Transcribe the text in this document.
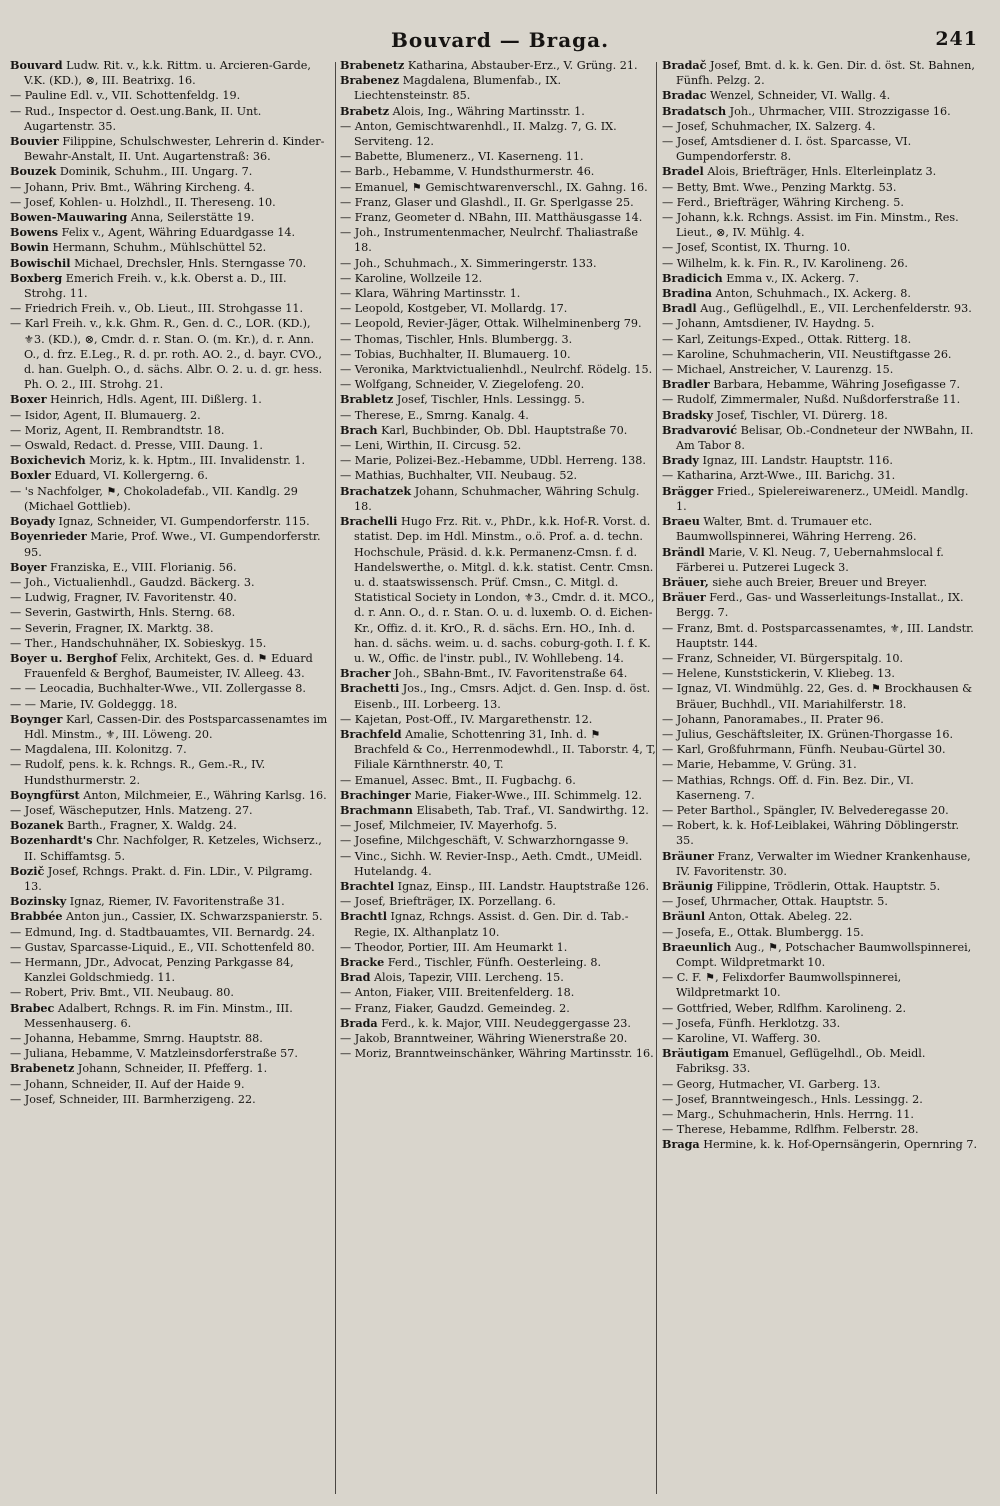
Bouvard — Braga.	241

Bouvard Ludw. Rit. v., k.k. Rittm. u. Arcieren-Garde, V.K. (KD.), ⊗, III. Beatrixg. 16.

— Pauline Edl. v., VII. Schottenfeldg. 19.

— Rud., Inspector d. Oest.ung.Bank, II. Unt. Augartenstr. 35.

Bouvier Filippine, Schulschwester, Lehrerin d. Kinder-Bewahr-Anstalt, II. Unt. Augartenstraß: 36.

Bouzek Dominik, Schuhm., III. Ungarg. 7.

— Johann, Priv. Bmt., Währing Kircheng. 4.

— Josef, Kohlen- u. Holzhdl., II. Thereseng. 10.

Bowen-Mauwaring Anna, Seilerstätte 19.

Bowens Felix v., Agent, Währing Eduardgasse 14.

Bowin Hermann, Schuhm., Mühlschüttel 52.

Bowischil Michael, Drechsler, Hnls. Sterngasse 70.

Boxberg Emerich Freih. v., k.k. Oberst a. D., III. Strohg. 11.

— Friedrich Freih. v., Ob. Lieut., III. Strohgasse 11.

— Karl Freih. v., k.k. Ghm. R., Gen. d. C., LOR. (KD.), ⚜3. (KD.), ⊗, Cmdr. d. r. Stan. O. (m. Kr.), d. r. Ann. O., d. frz. E.Leg., R. d. pr. roth. AO. 2., d. bayr. CVO., d. han. Guelph. O., d. sächs. Albr. O. 2. u. d. gr. hess. Ph. O. 2., III. Strohg. 21.

Boxer Heinrich, Hdls. Agent, III. Dißlerg. 1.

— Isidor, Agent, II. Blumauerg. 2.

— Moriz, Agent, II. Rembrandtstr. 18.

— Oswald, Redact. d. Presse, VIII. Daung. 1.

Boxichevich Moriz, k. k. Hptm., III. Invalidenstr. 1.

Boxler Eduard, VI. Kollergerng. 6.

— 's Nachfolger, ⚑, Chokoladefab., VII. Kandlg. 29 (Michael Gottlieb).

Boyady Ignaz, Schneider, VI. Gumpendorferstr. 115.

Boyenrieder Marie, Prof. Wwe., VI. Gumpendorferstr. 95.

Boyer Franziska, E., VIII. Florianig. 56.

— Joh., Victualienhdl., Gaudzd. Bäckerg. 3.

— Ludwig, Fragner, IV. Favoritenstr. 40.

— Severin, Gastwirth, Hnls. Sterng. 68.

— Severin, Fragner, IX. Marktg. 38.

— Ther., Handschuhnäher, IX. Sobieskyg. 15.

Boyer u. Berghof Felix, Architekt, Ges. d. ⚑ Eduard Frauenfeld & Berghof, Baumeister, IV. Alleeg. 43.

— — Leocadia, Buchhalter-Wwe., VII. Zollergasse 8.

— — Marie, IV. Goldeggg. 18.

Boynger Karl, Cassen-Dir. des Postsparcassenamtes im Hdl. Minstm., ⚜, III. Löweng. 20.

— Magdalena, III. Kolonitzg. 7.

— Rudolf, pens. k. k. Rchngs. R., Gem.-R., IV. Hundsthurmerstr. 2.

Boyngfürst Anton, Milchmeier, E., Währing Karlsg. 16.

— Josef, Wäscheputzer, Hnls. Matzeng. 27.

Bozanek Barth., Fragner, X. Waldg. 24.

Bozenhardt's Chr. Nachfolger, R. Ketzeles, Wichserz., II. Schiffamtsg. 5.

Bozič Josef, Rchngs. Prakt. d. Fin. LDir., V. Pilgramg. 13.

Bozinsky Ignaz, Riemer, IV. Favoritenstraße 31.

Brabbée Anton jun., Cassier, IX. Schwarzspanierstr. 5.

— Edmund, Ing. d. Stadtbauamtes, VII. Bernardg. 24.

— Gustav, Sparcasse-Liquid., E., VII. Schottenfeld 80.

— Hermann, JDr., Advocat, Penzing Parkgasse 84, Kanzlei Goldschmiedg. 11.

— Robert, Priv. Bmt., VII. Neubaug. 80.

Brabec Adalbert, Rchngs. R. im Fin. Minstm., III. Messenhauserg. 6.

— Johanna, Hebamme, Smrng. Hauptstr. 88.

— Juliana, Hebamme, V. Matzleinsdorferstraße 57.

Brabenetz Johann, Schneider, II. Pfefferg. 1.

— Johann, Schneider, II. Auf der Haide 9.

— Josef, Schneider, III. Barmherzigeng. 22.

Brabenetz Katharina, Abstauber-Erz., V. Grüng. 21.

Brabenez Magdalena, Blumenfab., IX. Liechtensteinstr. 85.

Brabetz Alois, Ing., Währing Martinsstr. 1.

— Anton, Gemischtwarenhdl., II. Malzg. 7, G. IX. Serviteng. 12.

— Babette, Blumenerz., VI. Kaserneng. 11.

— Barb., Hebamme, V. Hundsthurmerstr. 46.

— Emanuel, ⚑ Gemischtwarenverschl., IX. Gahng. 16.

— Franz, Glaser und Glashdl., II. Gr. Sperlgasse 25.

— Franz, Geometer d. NBahn, III. Matthäusgasse 14.

— Joh., Instrumentenmacher, Neulrchf. Thaliastraße 18.

— Joh., Schuhmach., X. Simmeringerstr. 133.

— Karoline, Wollzeile 12.

— Klara, Währing Martinsstr. 1.

— Leopold, Kostgeber, VI. Mollardg. 17.

— Leopold, Revier-Jäger, Ottak. Wilhelminenberg 79.

— Thomas, Tischler, Hnls. Blumbergg. 3.

— Tobias, Buchhalter, II. Blumauerg. 10.

— Veronika, Marktvictualienhdl., Neulrchf. Rödelg. 15.

— Wolfgang, Schneider, V. Ziegelofeng. 20.

Brabletz Josef, Tischler, Hnls. Lessingg. 5.

— Therese, E., Smrng. Kanalg. 4.

Brach Karl, Buchbinder, Ob. Dbl. Hauptstraße 70.

— Leni, Wirthin, II. Circusg. 52.

— Marie, Polizei-Bez.-Hebamme, UDbl. Herreng. 138.

— Mathias, Buchhalter, VII. Neubaug. 52.

Brachatzek Johann, Schuhmacher, Währing Schulg. 18.

Brachelli Hugo Frz. Rit. v., PhDr., k.k. Hof-R. Vorst. d. statist. Dep. im Hdl. Minstm., o.ö. Prof. a. d. techn. Hochschule, Präsid. d. k.k. Permanenz-Cmsn. f. d. Handelswerthe, o. Mitgl. d. k.k. statist. Centr. Cmsn. u. d. staatswissensch. Prüf. Cmsn., C. Mitgl. d. Statistical Society in London, ⚜3., Cmdr. d. it. MCO., d. r. Ann. O., d. r. Stan. O. u. d. luxemb. O. d. Eichen-Kr., Offiz. d. it. KrO., R. d. sächs. Ern. HO., Inh. d. han. d. sächs. weim. u. d. sachs. coburg-goth. I. f. K. u. W., Offic. de l'instr. publ., IV. Wohllebeng. 14.

Bracher Joh., SBahn-Bmt., IV. Favoritenstraße 64.

Brachetti Jos., Ing., Cmsrs. Adjct. d. Gen. Insp. d. öst. Eisenb., III. Lorbeerg. 13.

— Kajetan, Post-Off., IV. Margarethenstr. 12.

Brachfeld Amalie, Schottenring 31, Inh. d. ⚑ Brachfeld & Co., Herrenmodewhdl., II. Taborstr. 4, T, Filiale Kärnthnerstr. 40, T.

— Emanuel, Assec. Bmt., II. Fugbachg. 6.

Brachinger Marie, Fiaker-Wwe., III. Schimmelg. 12.

Brachmann Elisabeth, Tab. Traf., VI. Sandwirthg. 12.

— Josef, Milchmeier, IV. Mayerhofg. 5.

— Josefine, Milchgeschäft, V. Schwarzhorngasse 9.

— Vinc., Sichh. W. Revier-Insp., Aeth. Cmdt., UMeidl. Hutelandg. 4.

Brachtel Ignaz, Einsp., III. Landstr. Hauptstraße 126.

— Josef, Briefträger, IX. Porzellang. 6.

Brachtl Ignaz, Rchngs. Assist. d. Gen. Dir. d. Tab.-Regie, IX. Althanplatz 10.

— Theodor, Portier, III. Am Heumarkt 1.

Bracke Ferd., Tischler, Fünfh. Oesterleing. 8.

Brad Alois, Tapezir, VIII. Lercheng. 15.

— Anton, Fiaker, VIII. Breitenfelderg. 18.

— Franz, Fiaker, Gaudzd. Gemeindeg. 2.

Brada Ferd., k. k. Major, VIII. Neudeggergasse 23.

— Jakob, Branntweiner, Währing Wienerstraße 20.

— Moriz, Branntweinschänker, Währing Martinsstr. 16.

Bradač Josef, Bmt. d. k. k. Gen. Dir. d. öst. St. Bahnen, Fünfh. Pelzg. 2.

Bradac Wenzel, Schneider, VI. Wallg. 4.

Bradatsch Joh., Uhrmacher, VIII. Strozzigasse 16.

— Josef, Schuhmacher, IX. Salzerg. 4.

— Josef, Amtsdiener d. I. öst. Sparcasse, VI. Gumpendorferstr. 8.

Bradel Alois, Briefträger, Hnls. Elterleinplatz 3.

— Betty, Bmt. Wwe., Penzing Marktg. 53.

— Ferd., Briefträger, Währing Kircheng. 5.

— Johann, k.k. Rchngs. Assist. im Fin. Minstm., Res. Lieut., ⊗, IV. Mühlg. 4.

— Josef, Scontist, IX. Thurng. 10.

— Wilhelm, k. k. Fin. R., IV. Karolineng. 26.

Bradicich Emma v., IX. Ackerg. 7.

Bradina Anton, Schuhmach., IX. Ackerg. 8.

Bradl Aug., Geflügelhdl., E., VII. Lerchenfelderstr. 93.

— Johann, Amtsdiener, IV. Haydng. 5.

— Karl, Zeitungs-Exped., Ottak. Ritterg. 18.

— Karoline, Schuhmacherin, VII. Neustiftgasse 26.

— Michael, Anstreicher, V. Laurenzg. 15.

Bradler Barbara, Hebamme, Währing Josefigasse 7.

— Rudolf, Zimmermaler, Nußd. Nußdorferstraße 11.

Bradsky Josef, Tischler, VI. Dürerg. 18.

Bradvarović Belisar, Ob.-Condneteur der NWBahn, II. Am Tabor 8.

Brady Ignaz, III. Landstr. Hauptstr. 116.

— Katharina, Arzt-Wwe., III. Barichg. 31.

Brägger Fried., Spielereiwarenerz., UMeidl. Mandlg. 1.

Braeu Walter, Bmt. d. Trumauer etc. Baumwollspinnerei, Währing Herreng. 26.

Brändl Marie, V. Kl. Neug. 7, Uebernahmslocal f. Färberei u. Putzerei Lugeck 3.

Bräuer, siehe auch Breier, Breuer und Breyer.

Bräuer Ferd., Gas- und Wasserleitungs-Installat., IX. Bergg. 7.

— Franz, Bmt. d. Postsparcassenamtes, ⚜, III. Landstr. Hauptstr. 144.

— Franz, Schneider, VI. Bürgerspitalg. 10.

— Helene, Kunststickerin, V. Kliebeg. 13.

— Ignaz, VI. Windmühlg. 22, Ges. d. ⚑ Brockhausen & Bräuer, Buchhdl., VII. Mariahilferstr. 18.

— Johann, Panoramabes., II. Prater 96.

— Julius, Geschäftsleiter, IX. Grünen-Thorgasse 16.

— Karl, Großfuhrmann, Fünfh. Neubau-Gürtel 30.

— Marie, Hebamme, V. Grüng. 31.

— Mathias, Rchngs. Off. d. Fin. Bez. Dir., VI. Kaserneng. 7.

— Peter Barthol., Spängler, IV. Belvederegasse 20.

— Robert, k. k. Hof-Leiblakei, Währing Döblingerstr. 35.

Bräuner Franz, Verwalter im Wiedner Krankenhause, IV. Favoritenstr. 30.

Bräunig Filippine, Trödlerin, Ottak. Hauptstr. 5.

— Josef, Uhrmacher, Ottak. Hauptstr. 5.

Bräunl Anton, Ottak. Abeleg. 22.

— Josefa, E., Ottak. Blumbergg. 15.

Braeunlich Aug., ⚑, Potschacher Baumwollspinnerei, Compt. Wildpretmarkt 10.

— C. F. ⚑, Felixdorfer Baumwollspinnerei, Wildpretmarkt 10.

— Gottfried, Weber, Rdlfhm. Karolineng. 2.

— Josefa, Fünfh. Herklotzg. 33.

— Karoline, VI. Wafferg. 30.

Bräutigam Emanuel, Geflügelhdl., Ob. Meidl. Fabriksg. 33.

— Georg, Hutmacher, VI. Garberg. 13.

— Josef, Branntweingesch., Hnls. Lessingg. 2.

— Marg., Schuhmacherin, Hnls. Herrng. 11.

— Therese, Hebamme, Rdlfhm. Felberstr. 28.

Braga Hermine, k. k. Hof-Opernsängerin, Opernring 7.
